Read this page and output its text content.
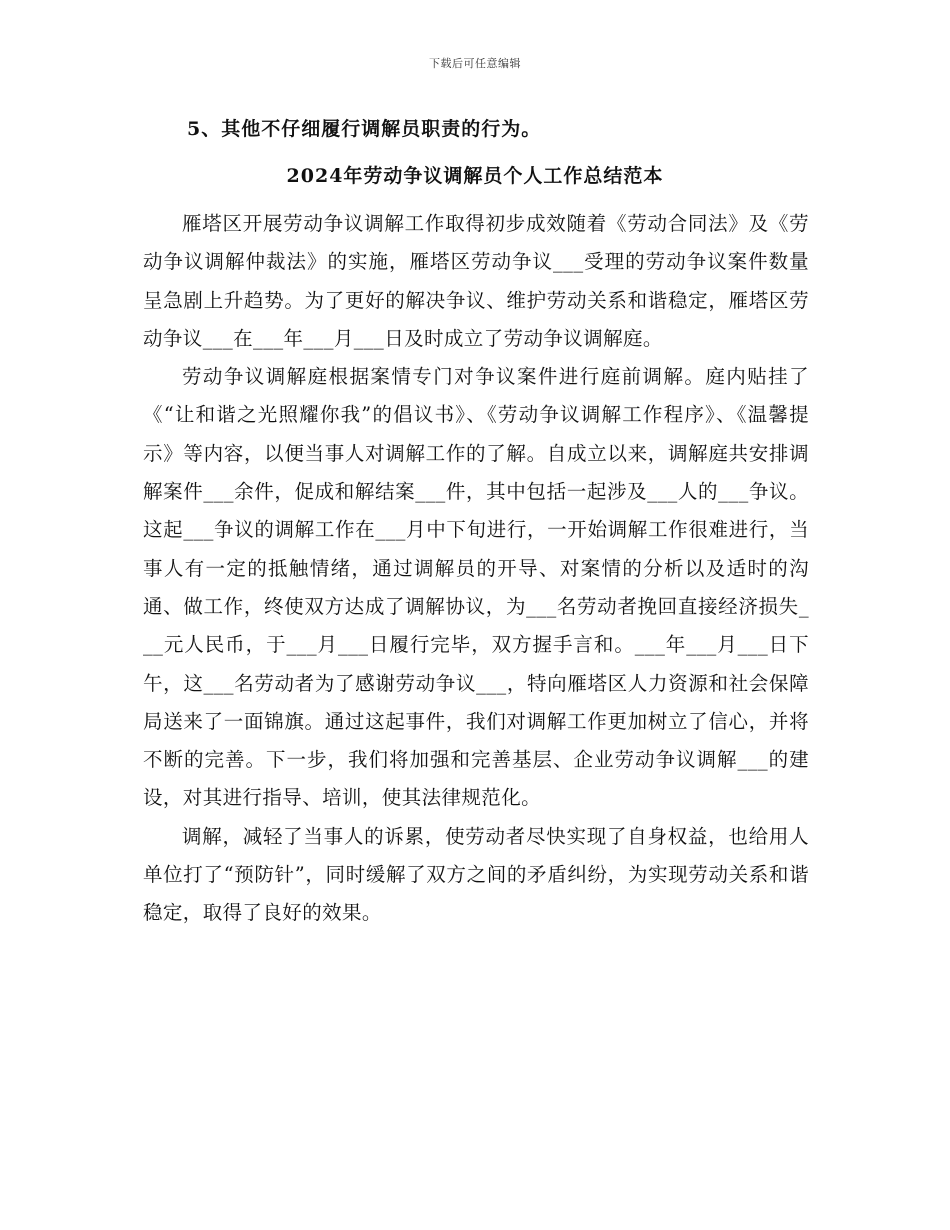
下载后可任意编辑
5、其他不仔细履行调解员职责的行为。
2024年劳动争议调解员个人工作总结范本

雁塔区开展劳动争议调解工作取得初步成效随着《劳动合同法》及《劳动争议调解仲裁法》的实施，雁塔区劳动争议___受理的劳动争议案件数量呈急剧上升趋势。为了更好的解决争议、维护劳动关系和谐稳定，雁塔区劳动争议___在___年___月___日及时成立了劳动争议调解庭。

劳动争议调解庭根据案情专门对争议案件进行庭前调解。庭内贴挂了《“让和谐之光照耀你我”的倡议书》、《劳动争议调解工作程序》、《温馨提示》等内容，以便当事人对调解工作的了解。自成立以来，调解庭共安排调解案件___余件，促成和解结案___件，其中包括一起涉及___人的___争议。这起___争议的调解工作在___月中下旬进行，一开始调解工作很难进行，当事人有一定的抵触情绪，通过调解员的开导、对案情的分析以及适时的沟通、做工作，终使双方达成了调解协议，为___名劳动者挽回直接经济损失___元人民币，于___月___日履行完毕，双方握手言和。___年___月___日下午，这___名劳动者为了感谢劳动争议___，特向雁塔区人力资源和社会保障局送来了一面锦旗。通过这起事件，我们对调解工作更加树立了信心，并将不断的完善。下一步，我们将加强和完善基层、企业劳动争议调解___的建设，对其进行指导、培训，使其法律规范化。

调解，减轻了当事人的诉累，使劳动者尽快实现了自身权益，也给用人单位打了“预防针”，同时缓解了双方之间的矛盾纠纷，为实现劳动关系和谐稳定，取得了良好的效果。
